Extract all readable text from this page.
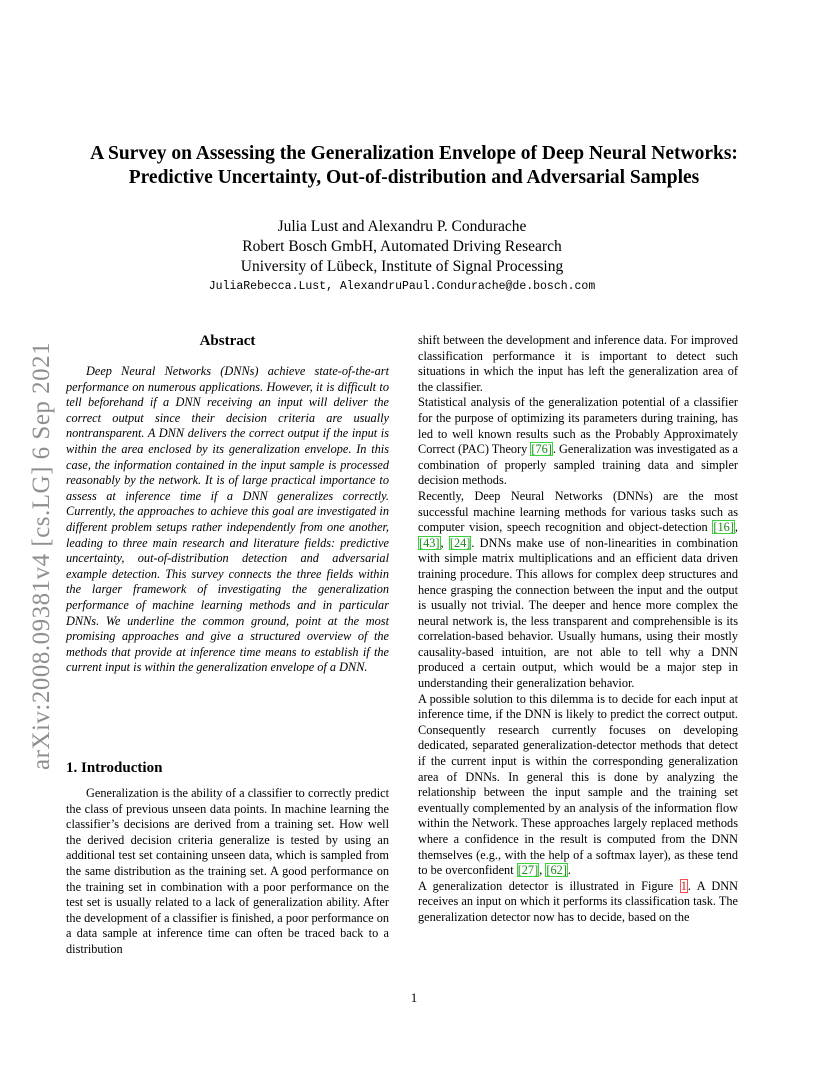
A Survey on Assessing the Generalization Envelope of Deep Neural Networks:
Predictive Uncertainty, Out-of-distribution and Adversarial Samples
Julia Lust and Alexandru P. Condurache
Robert Bosch GmbH, Automated Driving Research
University of Lübeck, Institute of Signal Processing
JuliaRebecca.Lust, AlexandruPaul.Condurache@de.bosch.com
arXiv:2008.09381v4 [cs.LG] 6 Sep 2021
Abstract
Deep Neural Networks (DNNs) achieve state-of-the-art performance on numerous applications. However, it is difficult to tell beforehand if a DNN receiving an input will deliver the correct output since their decision criteria are usually nontransparent. A DNN delivers the correct output if the input is within the area enclosed by its generalization envelope. In this case, the information contained in the input sample is processed reasonably by the network. It is of large practical importance to assess at inference time if a DNN generalizes correctly. Currently, the approaches to achieve this goal are investigated in different problem setups rather independently from one another, leading to three main research and literature fields: predictive uncertainty, out-of-distribution detection and adversarial example detection. This survey connects the three fields within the larger framework of investigating the generalization performance of machine learning methods and in particular DNNs. We underline the common ground, point at the most promising approaches and give a structured overview of the methods that provide at inference time means to establish if the current input is within the generalization envelope of a DNN.
1. Introduction
Generalization is the ability of a classifier to correctly predict the class of previous unseen data points. In machine learning the classifier’s decisions are derived from a training set. How well the derived decision criteria generalize is tested by using an additional test set containing unseen data, which is sampled from the same distribution as the training set. A good performance on the training set in combination with a poor performance on the test set is usually related to a lack of generalization ability. After the development of a classifier is finished, a poor performance on a data sample at inference time can often be traced back to a distribution

shift between the development and inference data. For improved classification performance it is important to detect such situations in which the input has left the generalization area of the classifier.

Statistical analysis of the generalization potential of a classifier for the purpose of optimizing its parameters during training, has led to well known results such as the Probably Approximately Correct (PAC) Theory [76]. Generalization was investigated as a combination of properly sampled training data and simpler decision methods.

Recently, Deep Neural Networks (DNNs) are the most successful machine learning methods for various tasks such as computer vision, speech recognition and object-detection [16], [43], [24]. DNNs make use of non-linearities in combination with simple matrix multiplications and an efficient data driven training procedure. This allows for complex deep structures and hence grasping the connection between the input and the output is usually not trivial. The deeper and hence more complex the neural network is, the less transparent and comprehensible is its correlation-based behavior. Usually humans, using their mostly causality-based intuition, are not able to tell why a DNN produced a certain output, which would be a major step in understanding their generalization behavior.

A possible solution to this dilemma is to decide for each input at inference time, if the DNN is likely to predict the correct output. Consequently research currently focuses on developing dedicated, separated generalization-detector methods that detect if the current input is within the corresponding generalization area of DNNs. In general this is done by analyzing the relationship between the input sample and the training set eventually complemented by an analysis of the information flow within the Network. These approaches largely replaced methods where a confidence in the result is computed from the DNN themselves (e.g., with the help of a softmax layer), as these tend to be overconfident [27], [62].

A generalization detector is illustrated in Figure 1. A DNN receives an input on which it performs its classification task. The generalization detector now has to decide, based on the

1
